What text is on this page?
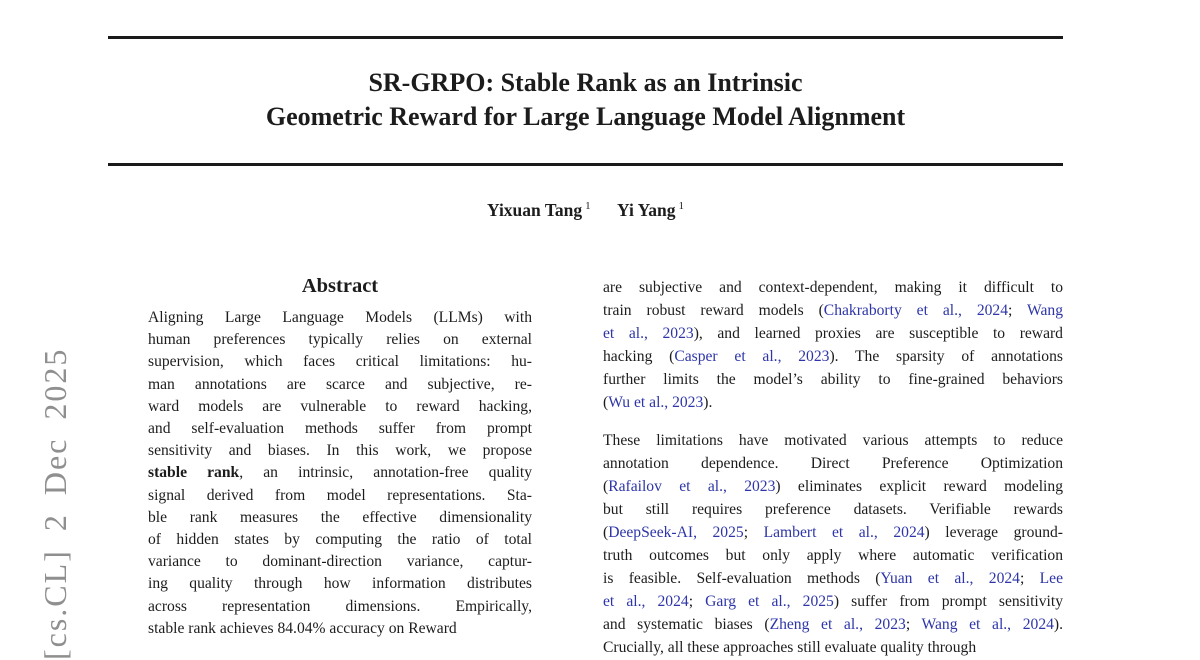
[cs.CL] 2 Dec 2025
SR-GRPO: Stable Rank as an Intrinsic
Geometric Reward for Large Language Model Alignment
Yixuan Tang $^1$ Yi Yang $^1$
Abstract
Aligning Large Language Models (LLMs) with
human preferences typically relies on external
supervision, which faces critical limitations: hu-
man annotations are scarce and subjective, re-
ward models are vulnerable to reward hacking,
and self-evaluation methods suffer from prompt
sensitivity and biases. In this work, we propose
stable rank, an intrinsic, annotation-free quality
signal derived from model representations. Sta-
ble rank measures the effective dimensionality
of hidden states by computing the ratio of total
variance to dominant-direction variance, captur-
ing quality through how information distributes
across representation dimensions. Empirically,
stable rank achieves 84.04% accuracy on Reward
are subjective and context-dependent, making it difficult to
train robust reward models (Chakraborty et al., 2024; Wang
et al., 2023), and learned proxies are susceptible to reward
hacking (Casper et al., 2023). The sparsity of annotations
further limits the model’s ability to fine-grained behaviors
(Wu et al., 2023).
These limitations have motivated various attempts to reduce
annotation dependence. Direct Preference Optimization
(Rafailov et al., 2023) eliminates explicit reward modeling
but still requires preference datasets. Verifiable rewards
(DeepSeek-AI, 2025; Lambert et al., 2024) leverage ground-
truth outcomes but only apply where automatic verification
is feasible. Self-evaluation methods (Yuan et al., 2024; Lee
et al., 2024; Garg et al., 2025) suffer from prompt sensitivity
and systematic biases (Zheng et al., 2023; Wang et al., 2024).
Crucially, all these approaches still evaluate quality through
